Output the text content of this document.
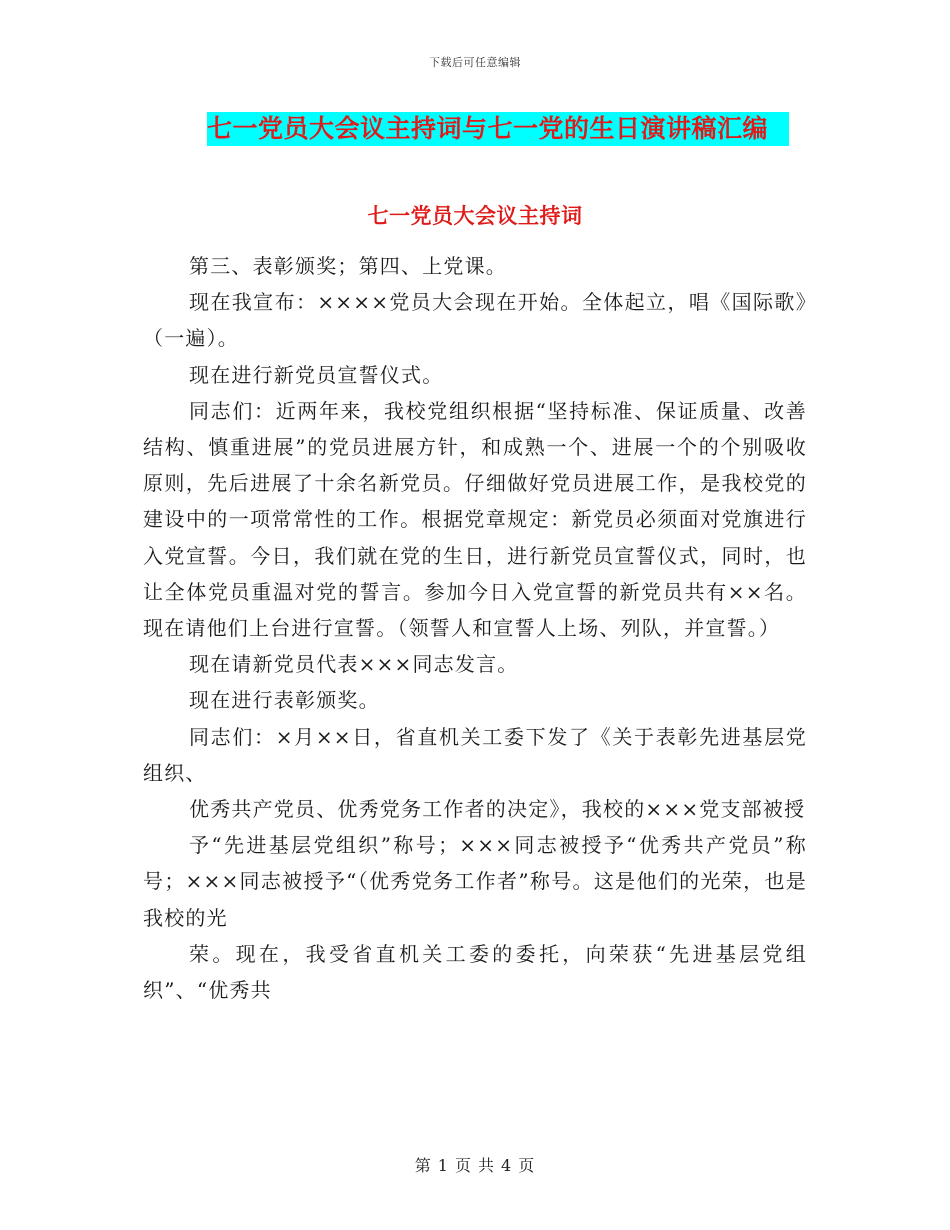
下载后可任意编辑
七一党员大会议主持词与七一党的生日演讲稿汇编
七一党员大会议主持词

第三、表彰颁奖；第四、上党课。

现在我宣布：××××党员大会现在开始。全体起立，唱《国际歌》（一遍）。

现在进行新党员宣誓仪式。

同志们：近两年来，我校党组织根据“坚持标准、保证质量、改善结构、慎重进展”的党员进展方针，和成熟一个、进展一个的个别吸收原则，先后进展了十余名新党员。仔细做好党员进展工作，是我校党的建设中的一项常常性的工作。根据党章规定：新党员必须面对党旗进行入党宣誓。今日，我们就在党的生日，进行新党员宣誓仪式，同时，也让全体党员重温对党的誓言。参加今日入党宣誓的新党员共有××名。现在请他们上台进行宣誓。（领誓人和宣誓人上场、列队，并宣誓。）

现在请新党员代表×××同志发言。

现在进行表彰颁奖。

同志们：×月××日，省直机关工委下发了《关于表彰先进基层党组织、

优秀共产党员、优秀党务工作者的决定》，我校的×××党支部被授

予“先进基层党组织”称号；×××同志被授予“优秀共产党员”称号；×××同志被授予“（优秀党务工作者”称号。这是他们的光荣，也是我校的光

荣。现在，我受省直机关工委的委托，向荣获“先进基层党组织”、“优秀共

第 1 页 共 4 页
